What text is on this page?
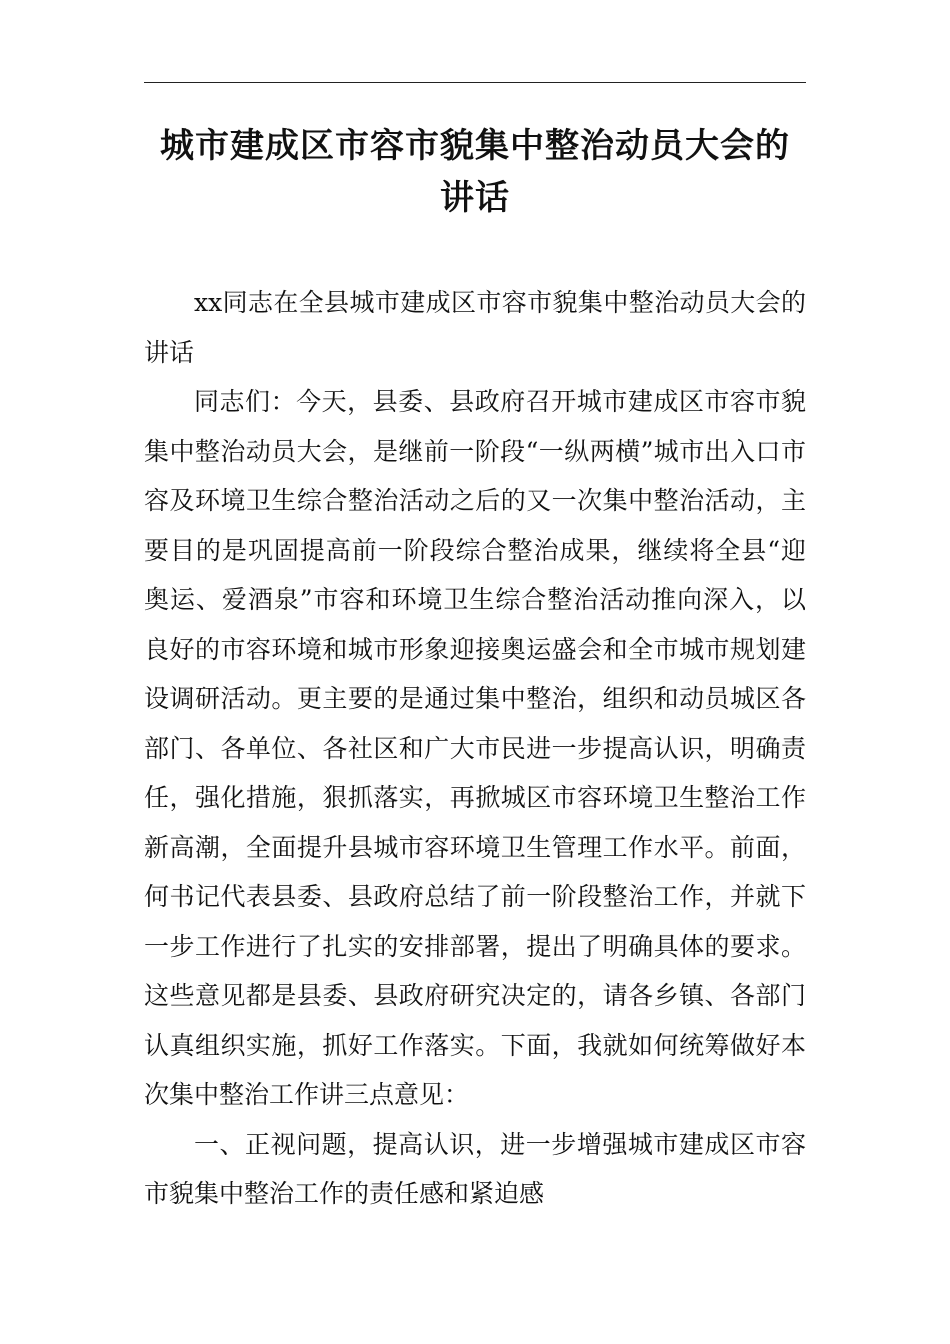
城市建成区市容市貌集中整治动员大会的讲话

xx同志在全县城市建成区市容市貌集中整治动员大会的讲话

同志们：今天，县委、县政府召开城市建成区市容市貌集中整治动员大会，是继前一阶段“一纵两横”城市出入口市容及环境卫生综合整治活动之后的又一次集中整治活动，主要目的是巩固提高前一阶段综合整治成果，继续将全县“迎奥运、爱酒泉”市容和环境卫生综合整治活动推向深入，以良好的市容环境和城市形象迎接奥运盛会和全市城市规划建设调研活动。更主要的是通过集中整治，组织和动员城区各部门、各单位、各社区和广大市民进一步提高认识，明确责任，强化措施，狠抓落实，再掀城区市容环境卫生整治工作新高潮，全面提升县城市容环境卫生管理工作水平。前面，何书记代表县委、县政府总结了前一阶段整治工作，并就下一步工作进行了扎实的安排部署，提出了明确具体的要求。这些意见都是县委、县政府研究决定的，请各乡镇、各部门认真组织实施，抓好工作落实。下面，我就如何统筹做好本次集中整治工作讲三点意见：

一、正视问题，提高认识，进一步增强城市建成区市容市貌集中整治工作的责任感和紧迫感
